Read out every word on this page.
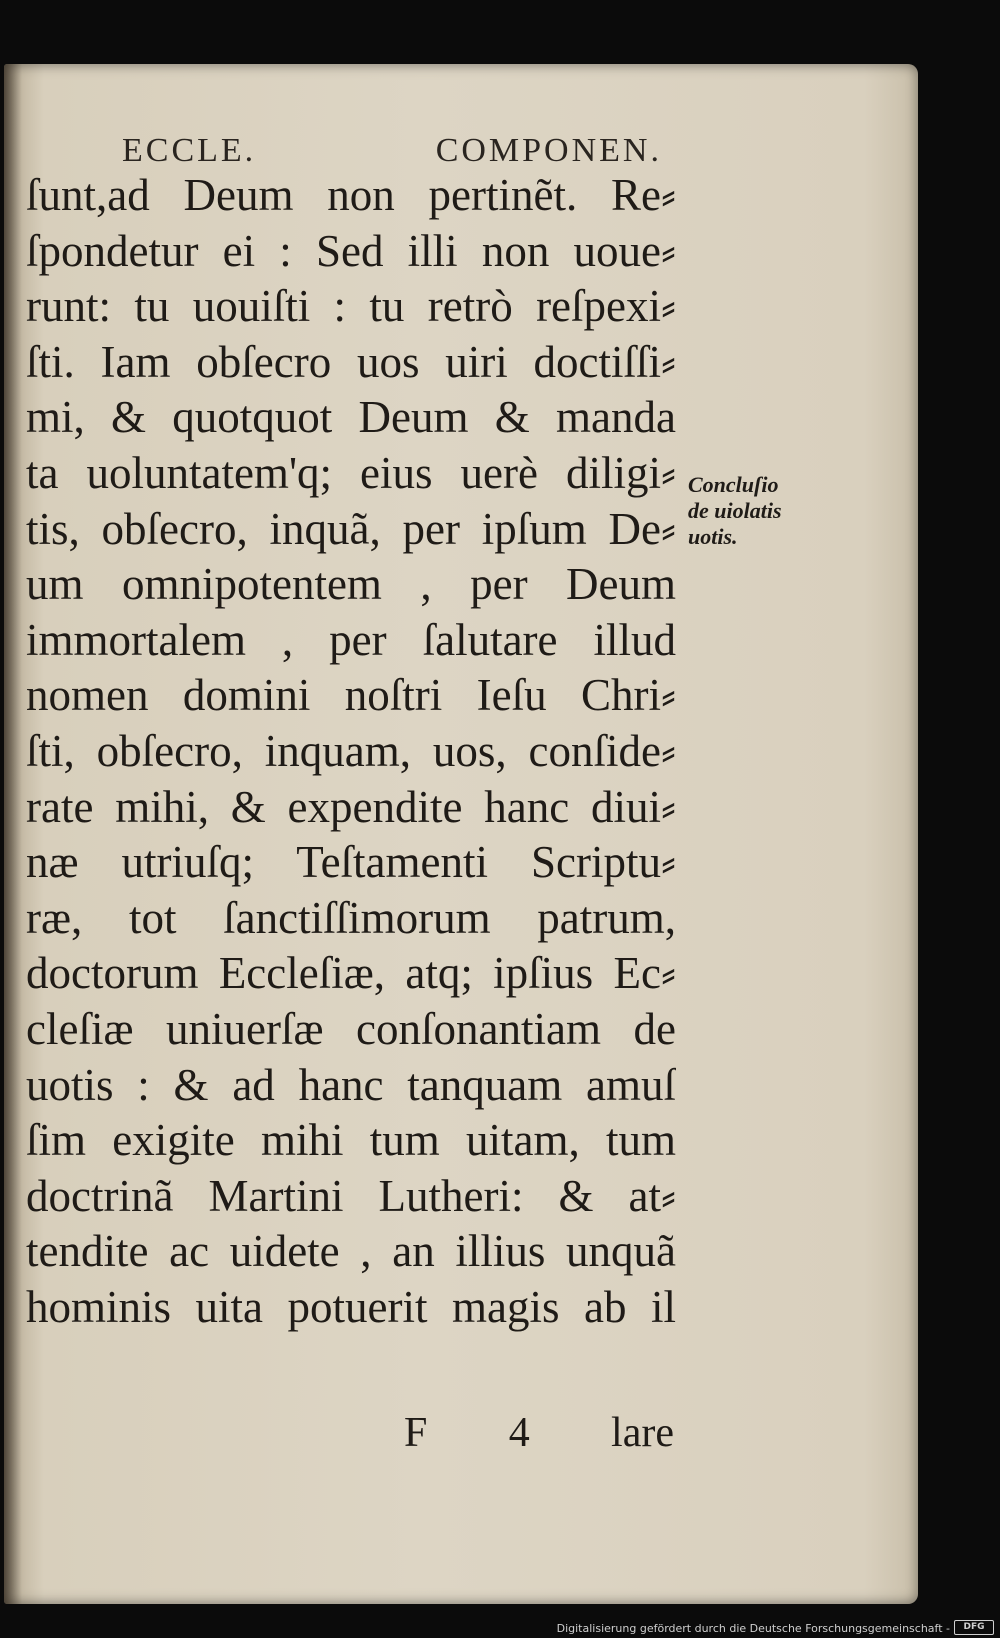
ECCLE.	COMPONEN.
ſunt,ad Deum non pertinẽt. Re⸗
ſpondetur ei : Sed illi non uoue⸗
runt: tu uouiſti : tu retrò reſpexi⸗
ſti. Iam obſecro uos uiri doctiſſi⸗
mi, & quotquot Deum & manda
ta uoluntatem'q; eius uerè diligi⸗
tis, obſecro, inquã, per ipſum De⸗
um omnipotentem , per Deum
immortalem , per ſalutare illud
nomen domini noſtri Ieſu Chri⸗
ſti, obſecro, inquam, uos, conſide⸗
rate mihi, & expendite hanc diui⸗
næ utriuſq; Teſtamenti Scriptu⸗
ræ, tot ſanctiſſimorum patrum,
doctorum Eccleſiæ, atq; ipſius Ec⸗
cleſiæ uniuerſæ conſonantiam de
uotis : & ad hanc tanquam amuſ
ſim exigite mihi tum uitam, tum
doctrinã Martini Lutheri: & at⸗
tendite ac uidete , an illius unquã
hominis uita potuerit magis ab il
Concluſio
de uiolatis
uotis.
F 4 lare
Digitalisierung gefördert durch die Deutsche Forschungsgemeinschaft -	DFG
